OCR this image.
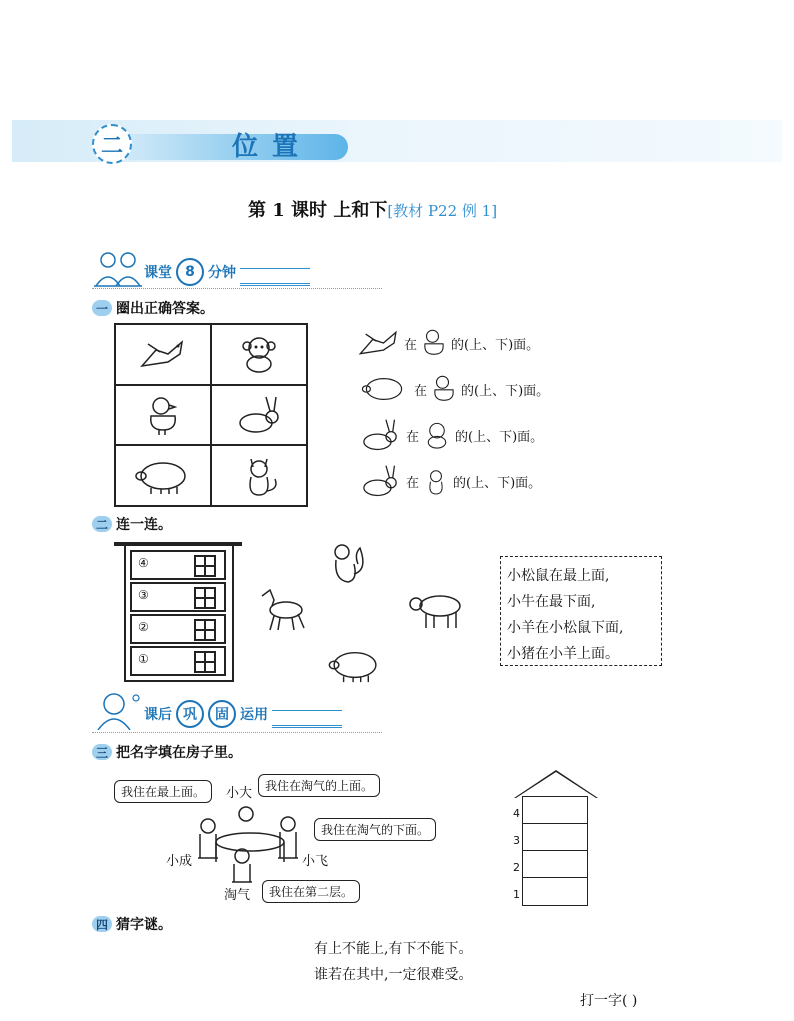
二	位置
第 1 课时 上和下[教材 P22 例 1]
课堂 8 分钟
一 圈出正确答案。
在	的(上、下)面。
在	的(上、下)面。
在	的(上、下)面。
在	的(上、下)面。
二 连一连。
④
③
②
①
小松鼠在最上面,
小牛在最下面,
小羊在小松鼠下面,
小猪在小羊上面。
课后 巩	固 运用
三 把名字填在房子里。
我住在最上面。	小大	我住在淘气的上面。
我住在淘气的下面。
我住在第二层。
小成	小飞
淘气
4
3
2
1
四 猜字谜。
有上不能上,有下不能下。
谁若在其中,一定很难受。
打一字( )
